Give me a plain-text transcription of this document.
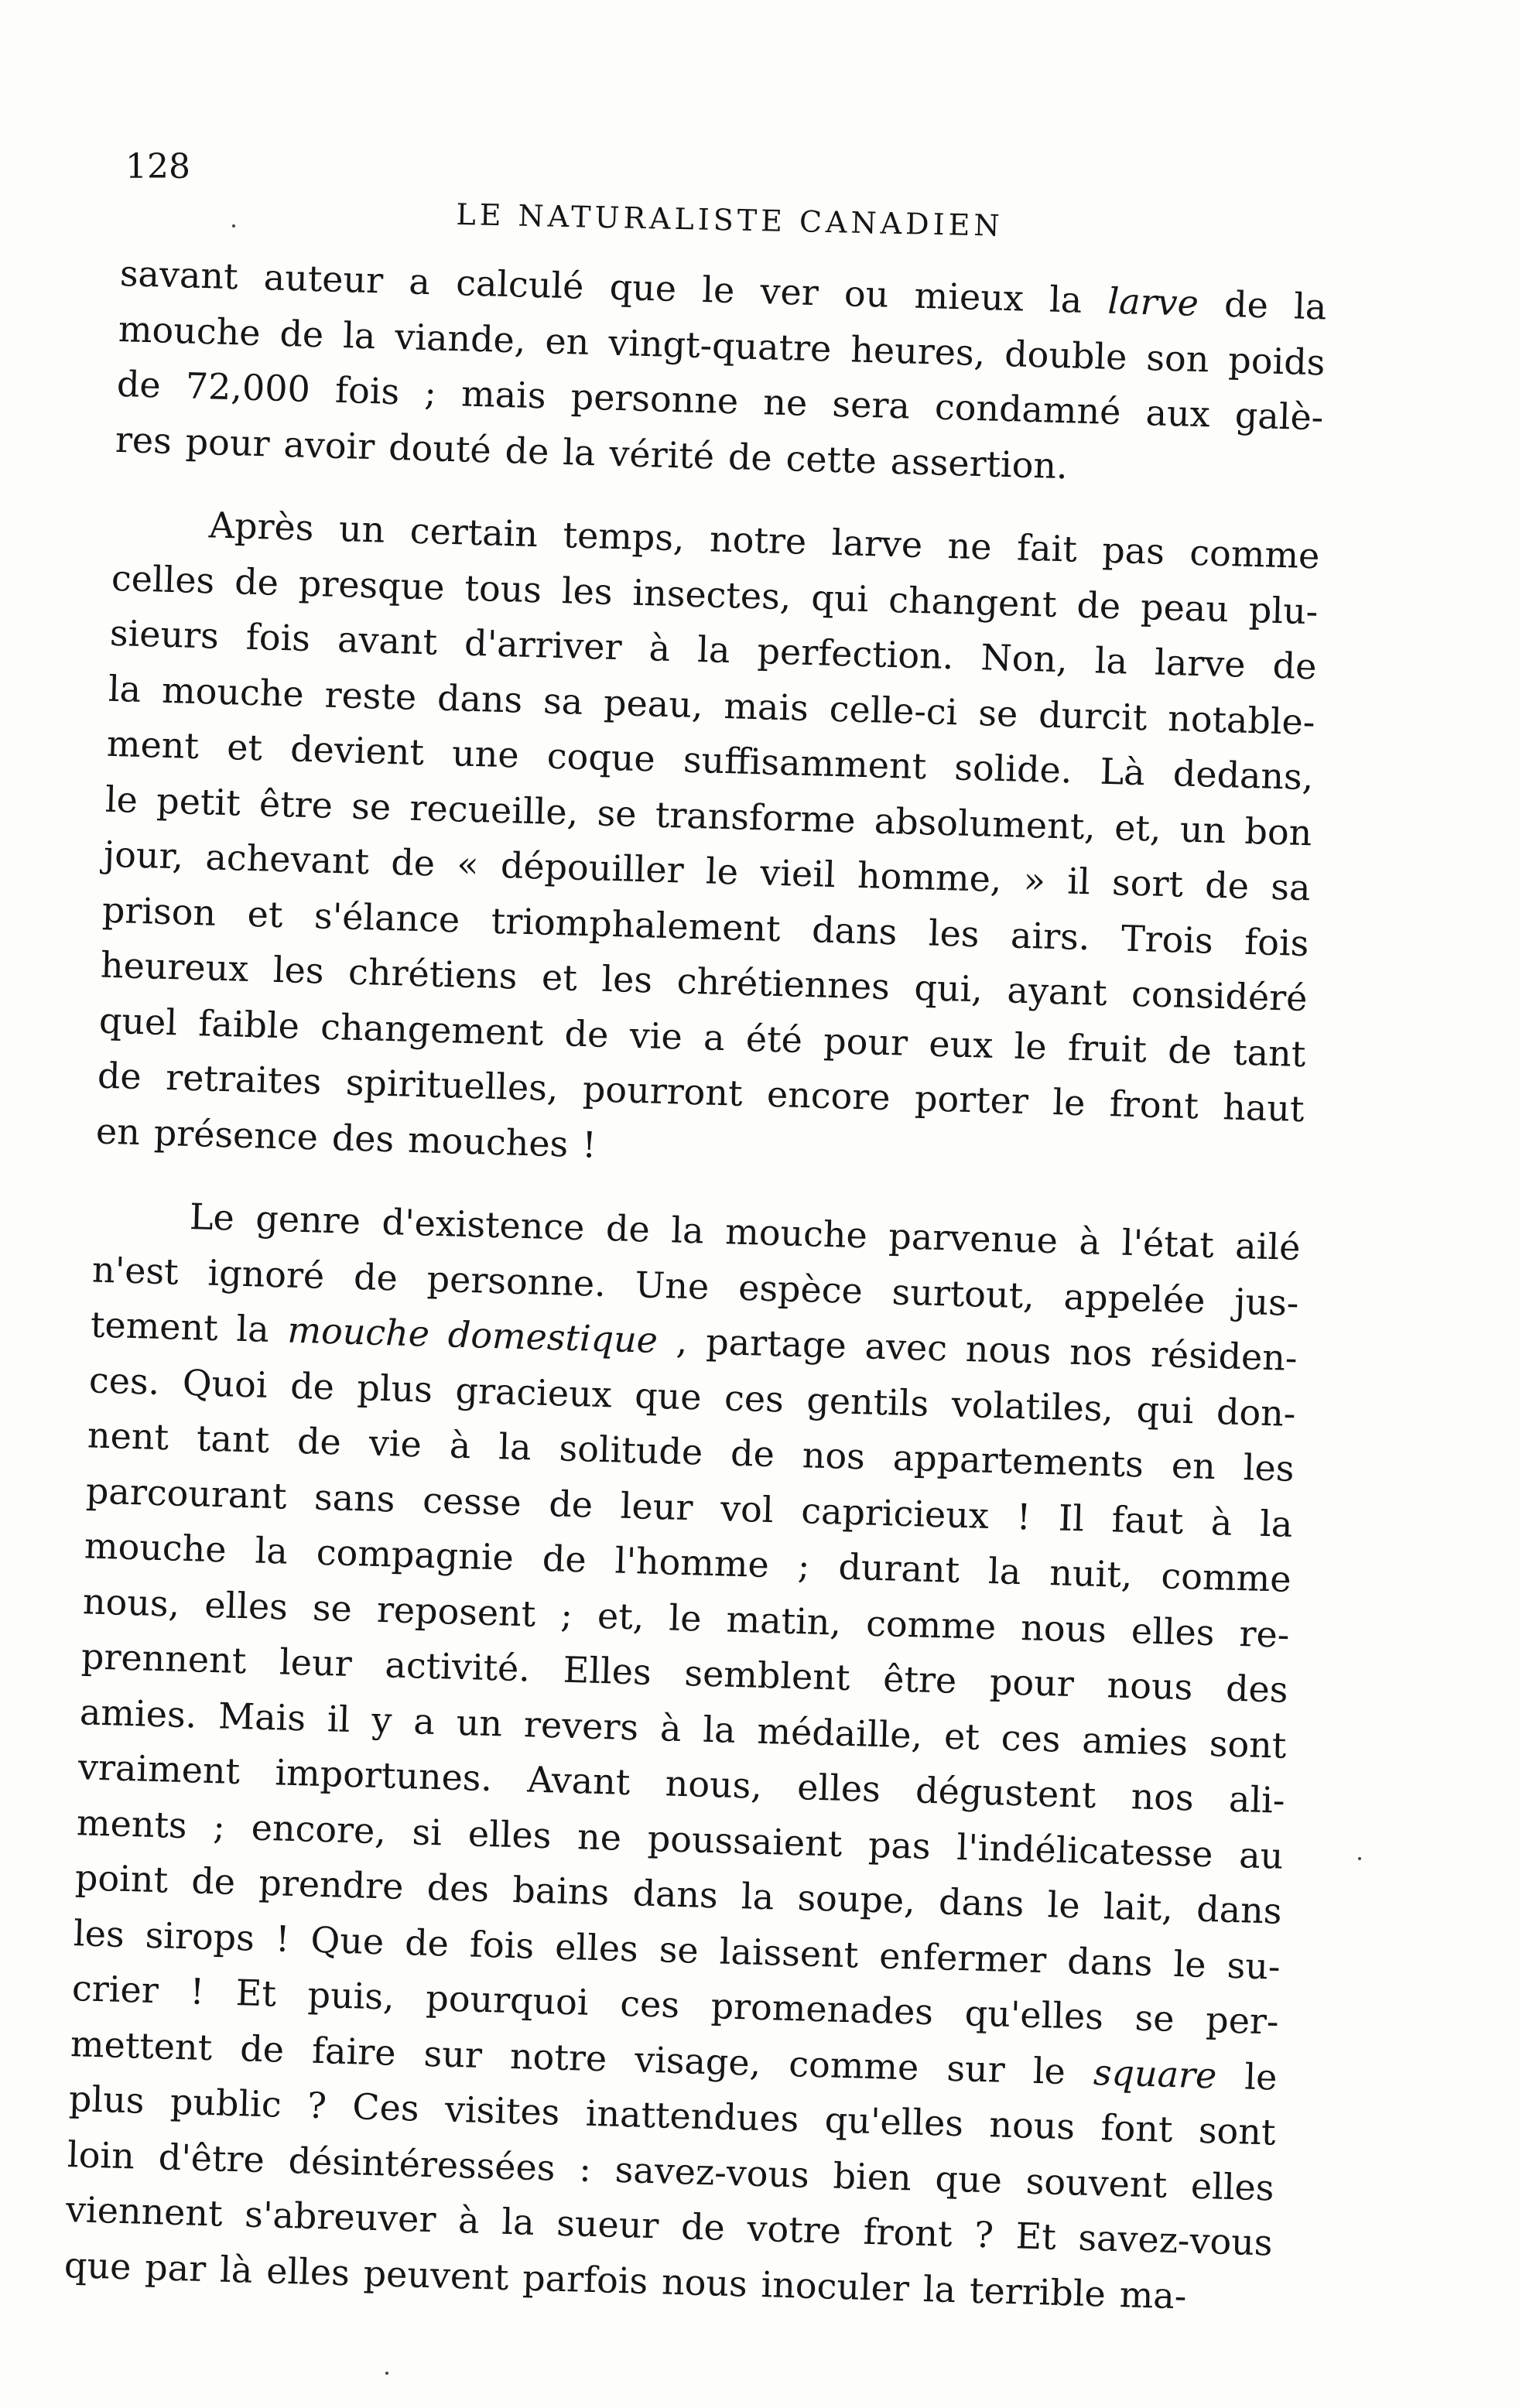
128
LE NATURALISTE CANADIEN
savant auteur a calculé que le ver ou mieux la larve de la
mouche de la viande, en vingt-quatre heures, double son poids
de 72,000 fois ; mais personne ne sera condamné aux galè-
res pour avoir douté de la vérité de cette assertion.
Après un certain temps, notre larve ne fait pas comme
celles de presque tous les insectes, qui changent de peau plu-
sieurs fois avant d'arriver à la perfection. Non, la larve de
la mouche reste dans sa peau, mais celle-ci se durcit notable-
ment et devient une coque suffisamment solide. Là dedans,
le petit être se recueille, se transforme absolument, et, un bon
jour, achevant de « dépouiller le vieil homme, » il sort de sa
prison et s'élance triomphalement dans les airs. Trois fois
heureux les chrétiens et les chrétiennes qui, ayant considéré
quel faible changement de vie a été pour eux le fruit de tant
de retraites spirituelles, pourront encore porter le front haut
en présence des mouches !
Le genre d'existence de la mouche parvenue à l'état ailé
n'est ignoré de personne. Une espèce surtout, appelée jus-
tement la mouche domestique , partage avec nous nos résiden-
ces. Quoi de plus gracieux que ces gentils volatiles, qui don-
nent tant de vie à la solitude de nos appartements en les
parcourant sans cesse de leur vol capricieux ! Il faut à la
mouche la compagnie de l'homme ; durant la nuit, comme
nous, elles se reposent ; et, le matin, comme nous elles re-
prennent leur activité. Elles semblent être pour nous des
amies. Mais il y a un revers à la médaille, et ces amies sont
vraiment importunes. Avant nous, elles dégustent nos ali-
ments ; encore, si elles ne poussaient pas l'indélicatesse au
point de prendre des bains dans la soupe, dans le lait, dans
les sirops ! Que de fois elles se laissent enfermer dans le su-
crier ! Et puis, pourquoi ces promenades qu'elles se per-
mettent de faire sur notre visage, comme sur le square le
plus public ? Ces visites inattendues qu'elles nous font sont
loin d'être désintéressées : savez-vous bien que souvent elles
viennent s'abreuver à la sueur de votre front ? Et savez-vous
que par là elles peuvent parfois nous inoculer la terrible ma-
